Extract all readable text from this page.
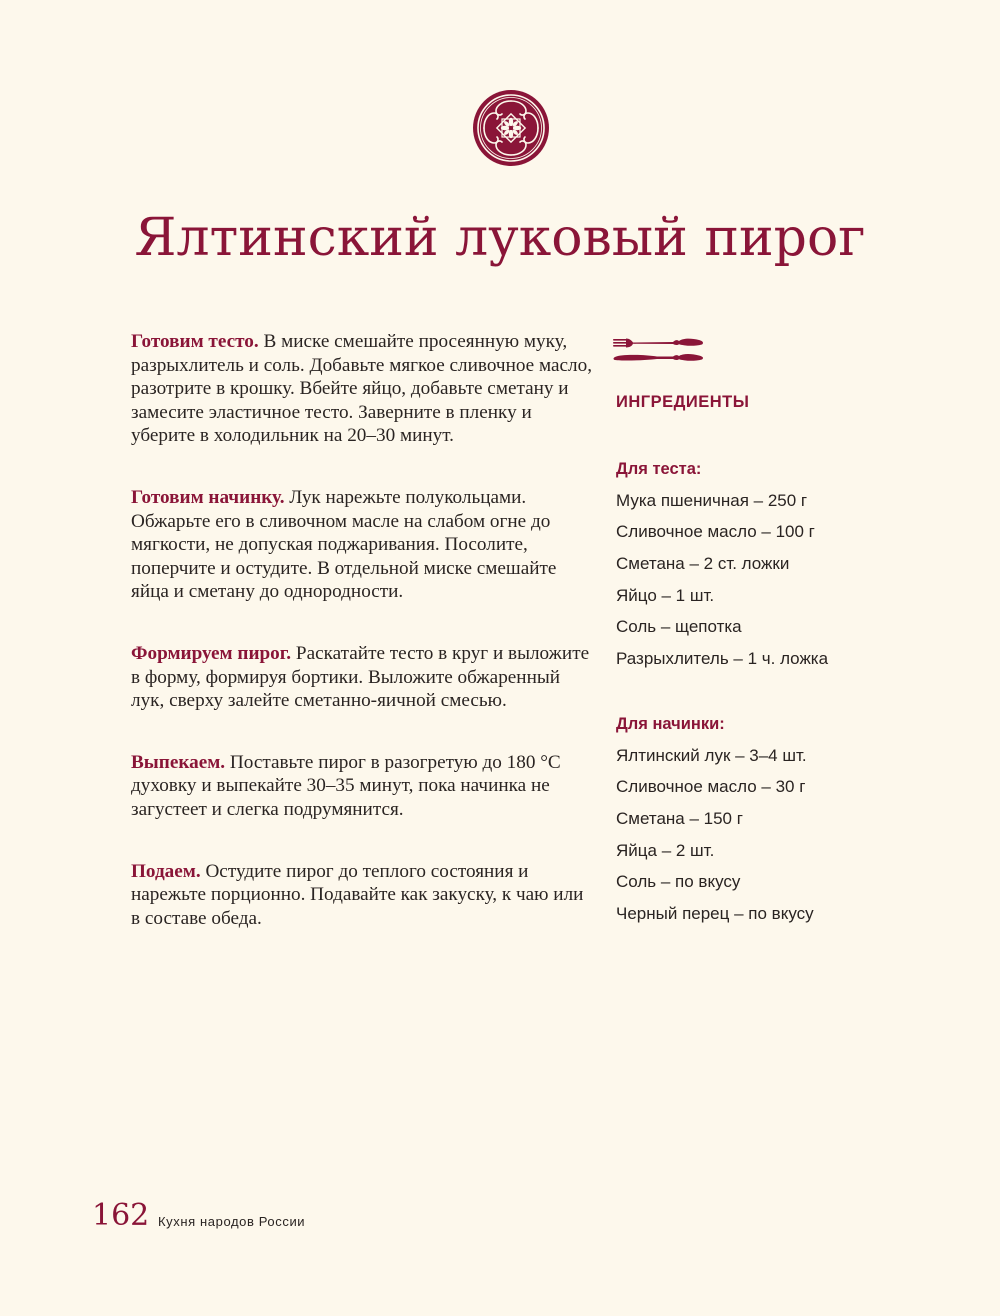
Ялтинский луковый пирог

Готовим тесто. В миске смешайте просеянную муку, разрыхлитель и соль. Добавьте мягкое сливочное масло, разотрите в крошку. Вбейте яйцо, добавьте сметану и замесите эластичное тесто. Заверните в пленку и уберите в холодильник на 20–30 минут.

Готовим начинку. Лук нарежьте полукольцами. Обжарьте его в сливочном масле на слабом огне до мягкости, не допуская поджаривания. Посолите, поперчите и остудите. В отдельной миске смешайте яйца и сметану до однородности.

Формируем пирог. Раскатайте тесто в круг и выложите в форму, формируя бортики. Выложите обжаренный лук, сверху залейте сметанно-яичной смесью.

Выпекаем. Поставьте пирог в разогретую до 180 °С духовку и выпекайте 30–35 минут, пока начинка не загустеет и слегка подрумянится.

Подаем. Остудите пирог до теплого состояния и нарежьте порционно. Подавайте как закуску, к чаю или в составе обеда.

ИНГРЕДИЕНТЫ
Для теста:
Мука пшеничная – 250 г
Сливочное масло – 100 г
Сметана – 2 ст. ложки
Яйцо – 1 шт.
Соль – щепотка
Разрыхлитель – 1 ч. ложка
Для начинки:
Ялтинский лук – 3–4 шт.
Сливочное масло – 30 г
Сметана – 150 г
Яйца – 2 шт.
Соль – по вкусу
Черный перец – по вкусу
162 Кухня народов России
